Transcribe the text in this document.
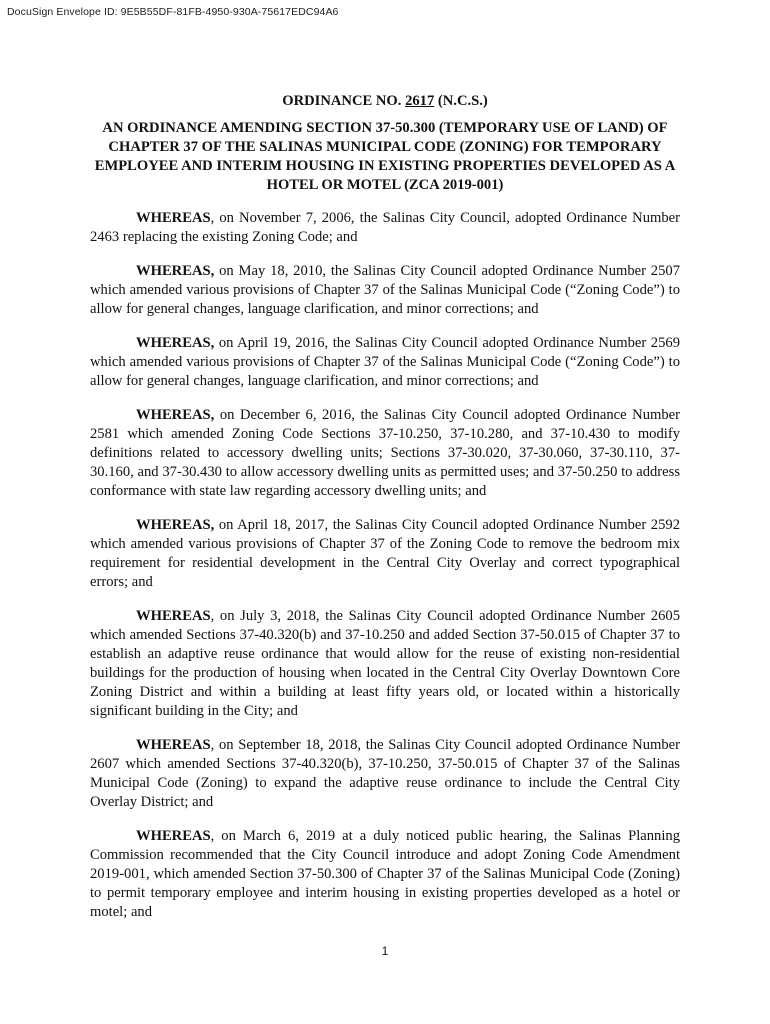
DocuSign Envelope ID: 9E5B55DF-81FB-4950-930A-75617EDC94A6
ORDINANCE NO. 2617 (N.C.S.)
AN ORDINANCE AMENDING SECTION 37-50.300 (TEMPORARY USE OF LAND) OF CHAPTER 37 OF THE SALINAS MUNICIPAL CODE (ZONING) FOR TEMPORARY EMPLOYEE AND INTERIM HOUSING IN EXISTING PROPERTIES DEVELOPED AS A HOTEL OR MOTEL (ZCA 2019-001)

WHEREAS, on November 7, 2006, the Salinas City Council, adopted Ordinance Number 2463 replacing the existing Zoning Code; and

WHEREAS, on May 18, 2010, the Salinas City Council adopted Ordinance Number 2507 which amended various provisions of Chapter 37 of the Salinas Municipal Code (“Zoning Code”) to allow for general changes, language clarification, and minor corrections; and

WHEREAS, on April 19, 2016, the Salinas City Council adopted Ordinance Number 2569 which amended various provisions of Chapter 37 of the Salinas Municipal Code (“Zoning Code”) to allow for general changes, language clarification, and minor corrections; and

WHEREAS, on December 6, 2016, the Salinas City Council adopted Ordinance Number 2581 which amended Zoning Code Sections 37-10.250, 37-10.280, and 37-10.430 to modify definitions related to accessory dwelling units; Sections 37-30.020, 37-30.060, 37-30.110, 37-30.160, and 37-30.430 to allow accessory dwelling units as permitted uses; and 37-50.250 to address conformance with state law regarding accessory dwelling units; and

WHEREAS, on April 18, 2017, the Salinas City Council adopted Ordinance Number 2592 which amended various provisions of Chapter 37 of the Zoning Code to remove the bedroom mix requirement for residential development in the Central City Overlay and correct typographical errors; and

WHEREAS, on July 3, 2018, the Salinas City Council adopted Ordinance Number 2605 which amended Sections 37-40.320(b) and 37-10.250 and added Section 37-50.015 of Chapter 37 to establish an adaptive reuse ordinance that would allow for the reuse of existing non-residential buildings for the production of housing when located in the Central City Overlay Downtown Core Zoning District and within a building at least fifty years old, or located within a historically significant building in the City; and

WHEREAS, on September 18, 2018, the Salinas City Council adopted Ordinance Number 2607 which amended Sections 37-40.320(b), 37-10.250, 37-50.015 of Chapter 37 of the Salinas Municipal Code (Zoning) to expand the adaptive reuse ordinance to include the Central City Overlay District; and

WHEREAS, on March 6, 2019 at a duly noticed public hearing, the Salinas Planning Commission recommended that the City Council introduce and adopt Zoning Code Amendment 2019-001, which amended Section 37-50.300 of Chapter 37 of the Salinas Municipal Code (Zoning) to permit temporary employee and interim housing in existing properties developed as a hotel or motel; and

1
